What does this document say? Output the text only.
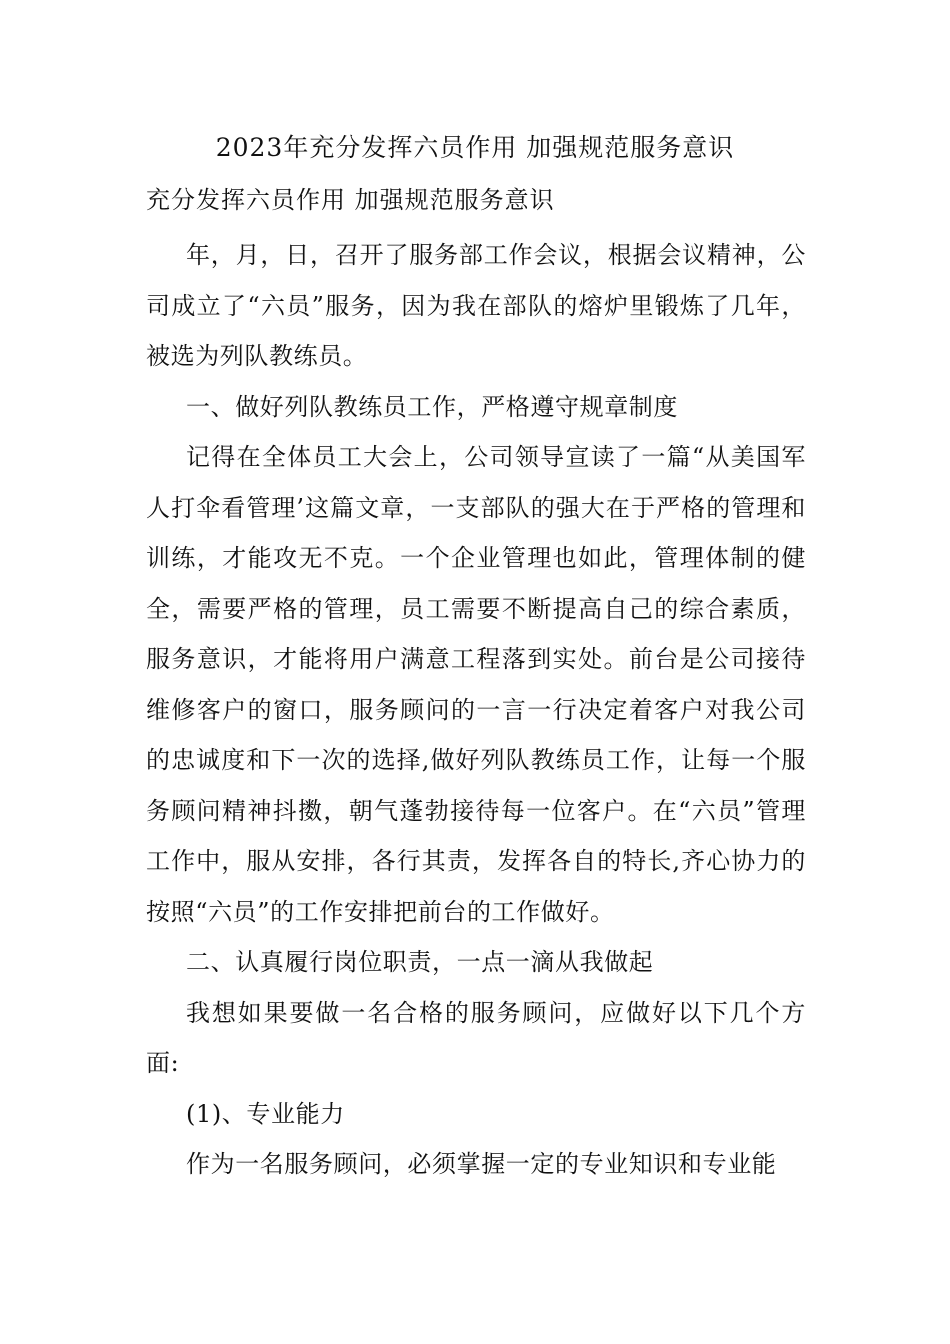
2023年充分发挥六员作用 加强规范服务意识
充分发挥六员作用 加强规范服务意识

年，月，日，召开了服务部工作会议，根据会议精神，公司成立了“六员”服务，因为我在部队的熔炉里锻炼了几年，被选为列队教练员。

一、做好列队教练员工作，严格遵守规章制度

记得在全体员工大会上，公司领导宣读了一篇“从美国军人打伞看管理’这篇文章，一支部队的强大在于严格的管理和训练，才能攻无不克。一个企业管理也如此，管理体制的健全，需要严格的管理，员工需要不断提高自己的综合素质，服务意识，才能将用户满意工程落到实处。前台是公司接待维修客户的窗口，服务顾问的一言一行决定着客户对我公司的忠诚度和下一次的选择,做好列队教练员工作，让每一个服务顾问精神抖擞，朝气蓬勃接待每一位客户。在“六员”管理工作中，服从安排，各行其责，发挥各自的特长,齐心协力的按照“六员”的工作安排把前台的工作做好。

二、认真履行岗位职责，一点一滴从我做起

我想如果要做一名合格的服务顾问，应做好以下几个方面:

(1)、专业能力

作为一名服务顾问，必须掌握一定的专业知识和专业能
